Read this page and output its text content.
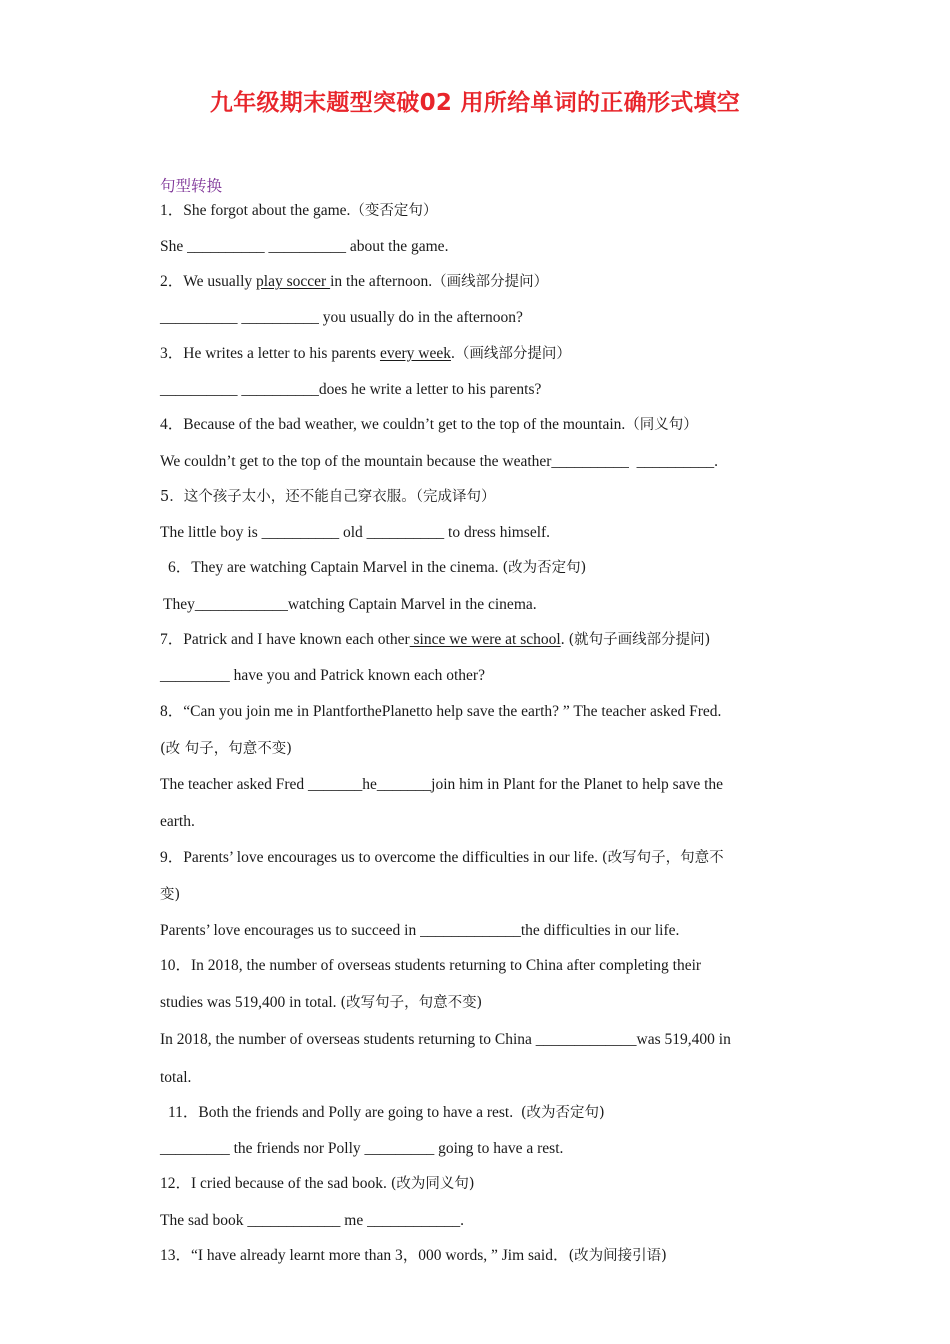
九年级期末题型突破02 用所给单词的正确形式填空
句型转换
1．She forgot about the game.（变否定句）
She __________ __________ about the game.
2．We usually play soccer in the afternoon.（画线部分提问）
__________ __________ you usually do in the afternoon?
3．He writes a letter to his parents every week.（画线部分提问）
__________ __________does he write a letter to his parents?
4．Because of the bad weather, we couldn’t get to the top of the mountain.（同义句）
We couldn’t get to the top of the mountain because the weather__________  __________.
5．这个孩子太小，还不能自己穿衣服。（完成译句）
The little boy is __________ old __________ to dress himself.
6．They are watching Captain Marvel in the cinema. (改为否定句)
They____________watching Captain Marvel in the cinema.
7．Patrick and I have known each other since we were at school. (就句子画线部分提问)
_________ have you and Patrick known each other?
8．“Can you join me in PlantforthePlanetto help save the earth? ” The teacher asked Fred.
(改 句子，句意不变)
The teacher asked Fred _______he_______join him in Plant for the Planet to help save the
earth.
9．Parents’ love encourages us to overcome the difficulties in our life. (改写句子，句意不
变)
Parents’ love encourages us to succeed in _____________the difficulties in our life.
10．In 2018, the number of overseas students returning to China after completing their
studies was 519,400 in total. (改写句子，句意不变)
In 2018, the number of overseas students returning to China _____________was 519,400 in
total.
11．Both the friends and Polly are going to have a rest.  (改为否定句)
_________ the friends nor Polly _________ going to have a rest.
12．I cried because of the sad book. (改为同义句)
The sad book ____________ me ____________.
13．“I have already learnt more than 3，000 words, ” Jim said．(改为间接引语)
